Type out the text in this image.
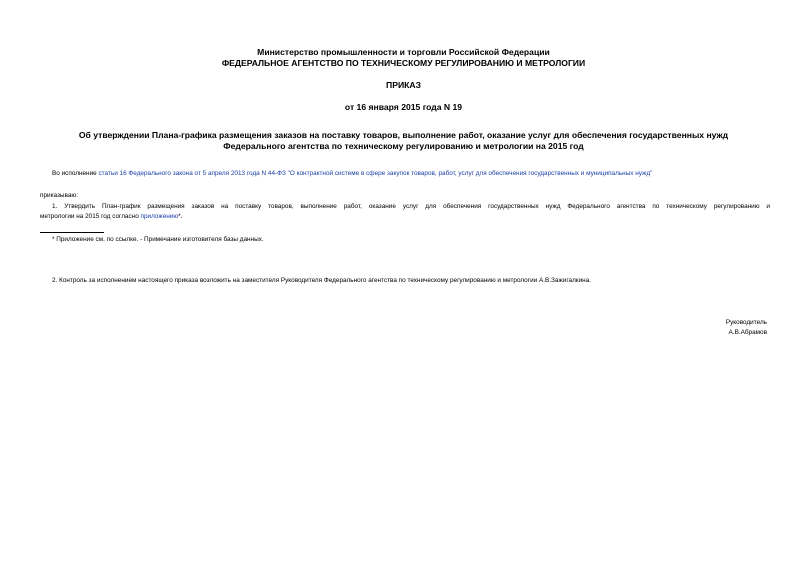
Министерство промышленности и торговли Российской Федерации
ФЕДЕРАЛЬНОЕ АГЕНТСТВО ПО ТЕХНИЧЕСКОМУ РЕГУЛИРОВАНИЮ И МЕТРОЛОГИИ
ПРИКАЗ
от 16 января 2015 года N 19
Об утверждении Плана-графика размещения заказов на поставку товаров, выполнение работ, оказание услуг для обеспечения государственных нужд
Федерального агентства по техническому регулированию и метрологии на 2015 год
Во исполнение статьи 16 Федерального закона от 5 апреля 2013 года N 44-ФЗ "О контрактной системе в сфере закупок товаров, работ, услуг для обеспечения государственных и муниципальных нужд"
приказываю:
1. Утвердить План-график размещения заказов на поставку товаров, выполнение работ, оказание услуг для обеспечения государственных нужд Федерального агентства по техническому регулированию и
метрологии на 2015 год согласно приложению*.
* Приложение см. по ссылке. - Примечание изготовителя базы данных.
2. Контроль за исполнением настоящего приказа возложить на заместителя Руководителя Федерального агентства по техническому регулированию и метрологии А.В.Зажигалкина.
Руководитель
А.В.Абрамов
